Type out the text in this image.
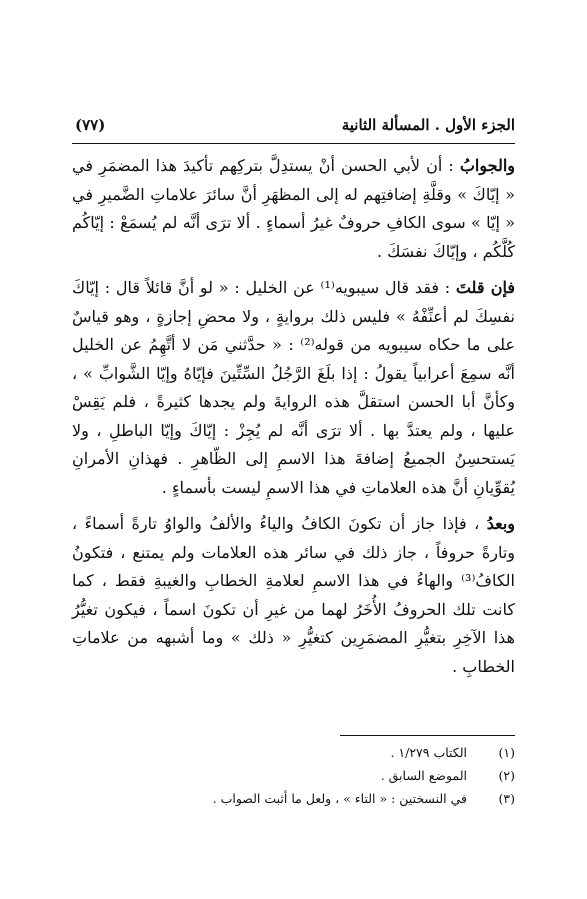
الجزء الأول . المسألة الثانية
(٧٧)

والجوابُ : أن لأبي الحسن أنْ يستدِلَّ بتركِهم تأكيدَ هذا المضمَرِ في « إيّاكَ » وقلَّةِ إضافتِهم له إلى المظهَرِ أنَّ سائرَ علاماتِ الضَّميرِ في « إيّا » سوى الكافِ حروفٌ غيرُ أسماءٍ . ألا ترَى أنَّه لم يُسمَعْ : إيّاكُم كُلَّكُم ، وإيّاكَ نفسَكَ .

فإن قلتَ : فقد قال سيبويه⁽¹⁾ عن الخليل : « لو أنَّ قائلاً قال : إيّاكَ نفسِكَ لم أعنِّفْهُ » فليس ذلك بروايةٍ ، ولا محضِ إجازةٍ ، وهو قياسٌ على ما حكاه سيبويه من قوله⁽²⁾ : « حدَّثني مَن لا أتَّهِمُ عن الخليل أنَّه سمِعَ أعرابياً يقولُ : إذا بلَغَ الرَّجُلُ السِّتِّينَ فإيّاهُ وإيّا الشَّوابِّ » ، وكأنَّ أبا الحسن استقلَّ هذه الروايةَ ولم يجدها كثيرةً ، فلم يَقِسْ عليها ، ولم يعتدَّ بها . ألا ترَى أنَّه لم يُجِزْ : إيّاكَ وإيّا الباطلِ ، ولا يَستحسِنُ الجميعُ إضافةَ هذا الاسمِ إلى الظّاهرِ . فهذانِ الأمرانِ يُقوِّيانِ أنَّ هذه العلاماتِ في هذا الاسمِ ليست بأسماءٍ .

وبعدُ ، فإذا جاز أن تكونَ الكافُ والياءُ والألفُ والواوُ تارةً أسماءً ، وتارةً حروفاً ، جاز ذلك في سائر هذه العلامات ولم يمتنع ، فتكونُ الكافُ⁽³⁾ والهاءُ في هذا الاسمِ لعلامةِ الخطابِ والغيبةِ فقط ، كما كانت تلك الحروفُ الأُخَرُ لهما من غيرِ أن تكونَ اسماً ، فيكون تغيُّرُ هذا الآخِرِ بتغيُّرِ المضمَرِين كتغيُّرِ « ذلك » وما أشبهه من علاماتِ الخطابِ .

(١)
الكتاب ١/٢٧٩ .
(٢)
الموضع السابق .
(٣)
في النسختين : « التاء » ، ولعل ما أثبت الصواب .
